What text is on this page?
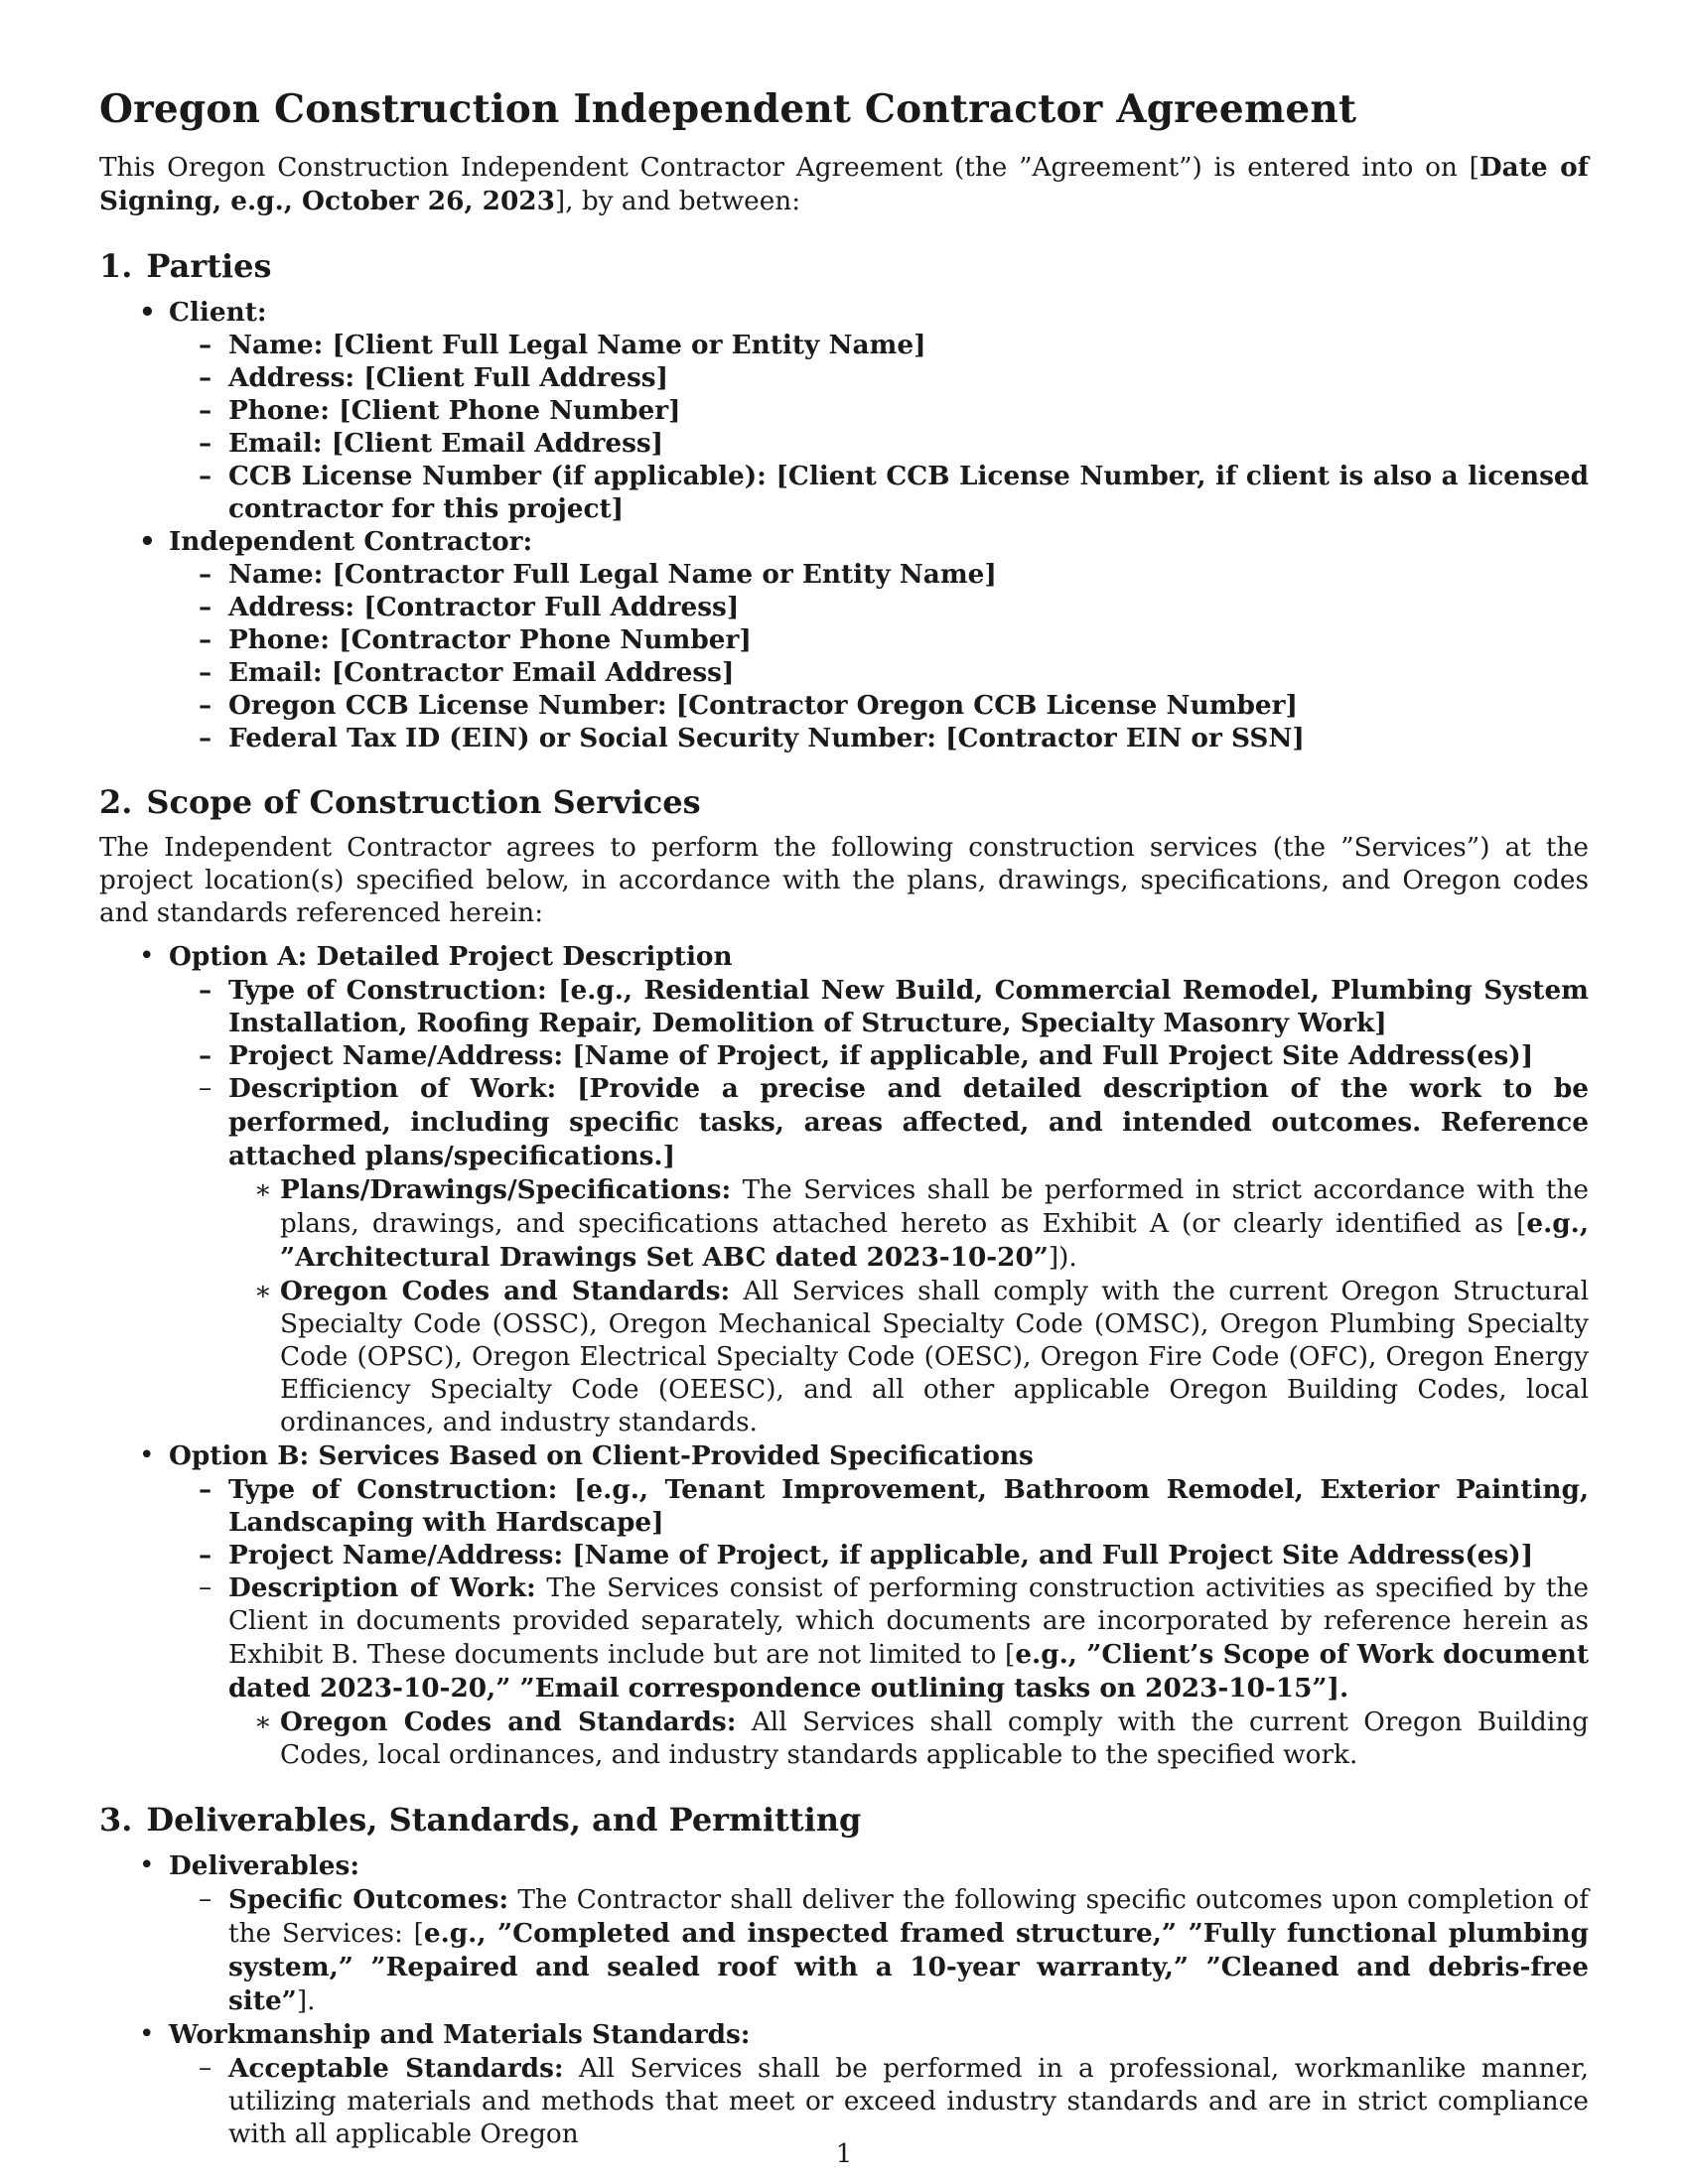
Oregon Construction Independent Contractor Agreement

This Oregon Construction Independent Contractor Agreement (the ”Agreement”) is entered into on [Date of Signing, e.g., October 26, 2023], by and between:

1. Parties
• Client:
– Name: [Client Full Legal Name or Entity Name]
– Address: [Client Full Address]
– Phone: [Client Phone Number]
– Email: [Client Email Address]
– CCB License Number (if applicable): [Client CCB License Number, if client is also a licensed contractor for this project]
• Independent Contractor:
– Name: [Contractor Full Legal Name or Entity Name]
– Address: [Contractor Full Address]
– Phone: [Contractor Phone Number]
– Email: [Contractor Email Address]
– Oregon CCB License Number: [Contractor Oregon CCB License Number]
– Federal Tax ID (EIN) or Social Security Number: [Contractor EIN or SSN]
2. Scope of Construction Services

The Independent Contractor agrees to perform the following construction services (the ”Services”) at the project location(s) specified below, in accordance with the plans, drawings, specifications, and Oregon codes and standards referenced herein:

• Option A: Detailed Project Description
– Type of Construction: [e.g., Residential New Build, Commercial Remodel, Plumbing System Installation, Roofing Repair, Demolition of Structure, Specialty Masonry Work]
– Project Name/Address: [Name of Project, if applicable, and Full Project Site Address(es)]
– Description of Work: [Provide a precise and detailed description of the work to be performed, including specific tasks, areas affected, and intended outcomes. Reference attached plans/specifications.]
∗ Plans/Drawings/Specifications: The Services shall be performed in strict accordance with the plans, drawings, and specifications attached hereto as Exhibit A (or clearly identified as [e.g., ”Architectural Drawings Set ABC dated 2023-10-20”]).
∗ Oregon Codes and Standards: All Services shall comply with the current Oregon Structural Specialty Code (OSSC), Oregon Mechanical Specialty Code (OMSC), Oregon Plumbing Specialty Code (OPSC), Oregon Electrical Specialty Code (OESC), Oregon Fire Code (OFC), Oregon Energy Efficiency Specialty Code (OEESC), and all other applicable Oregon Building Codes, local ordinances, and industry standards.
• Option B: Services Based on Client-Provided Specifications
– Type of Construction: [e.g., Tenant Improvement, Bathroom Remodel, Exterior Painting, Landscaping with Hardscape]
– Project Name/Address: [Name of Project, if applicable, and Full Project Site Address(es)]
– Description of Work: The Services consist of performing construction activities as specified by the Client in documents provided separately, which documents are incorporated by reference herein as Exhibit B. These documents include but are not limited to [e.g., ”Client’s Scope of Work document dated 2023-10-20,” ”Email correspondence outlining tasks on 2023-10-15”].
∗ Oregon Codes and Standards: All Services shall comply with the current Oregon Building Codes, local ordinances, and industry standards applicable to the specified work.
3. Deliverables, Standards, and Permitting
• Deliverables:
– Specific Outcomes: The Contractor shall deliver the following specific outcomes upon completion of the Services: [e.g., ”Completed and inspected framed structure,” ”Fully functional plumbing system,” ”Repaired and sealed roof with a 10-year warranty,” ”Cleaned and debris-free site”].
• Workmanship and Materials Standards:
– Acceptable Standards: All Services shall be performed in a professional, workmanlike manner, utilizing materials and methods that meet or exceed industry standards and are in strict compliance with all applicable Oregon
1
